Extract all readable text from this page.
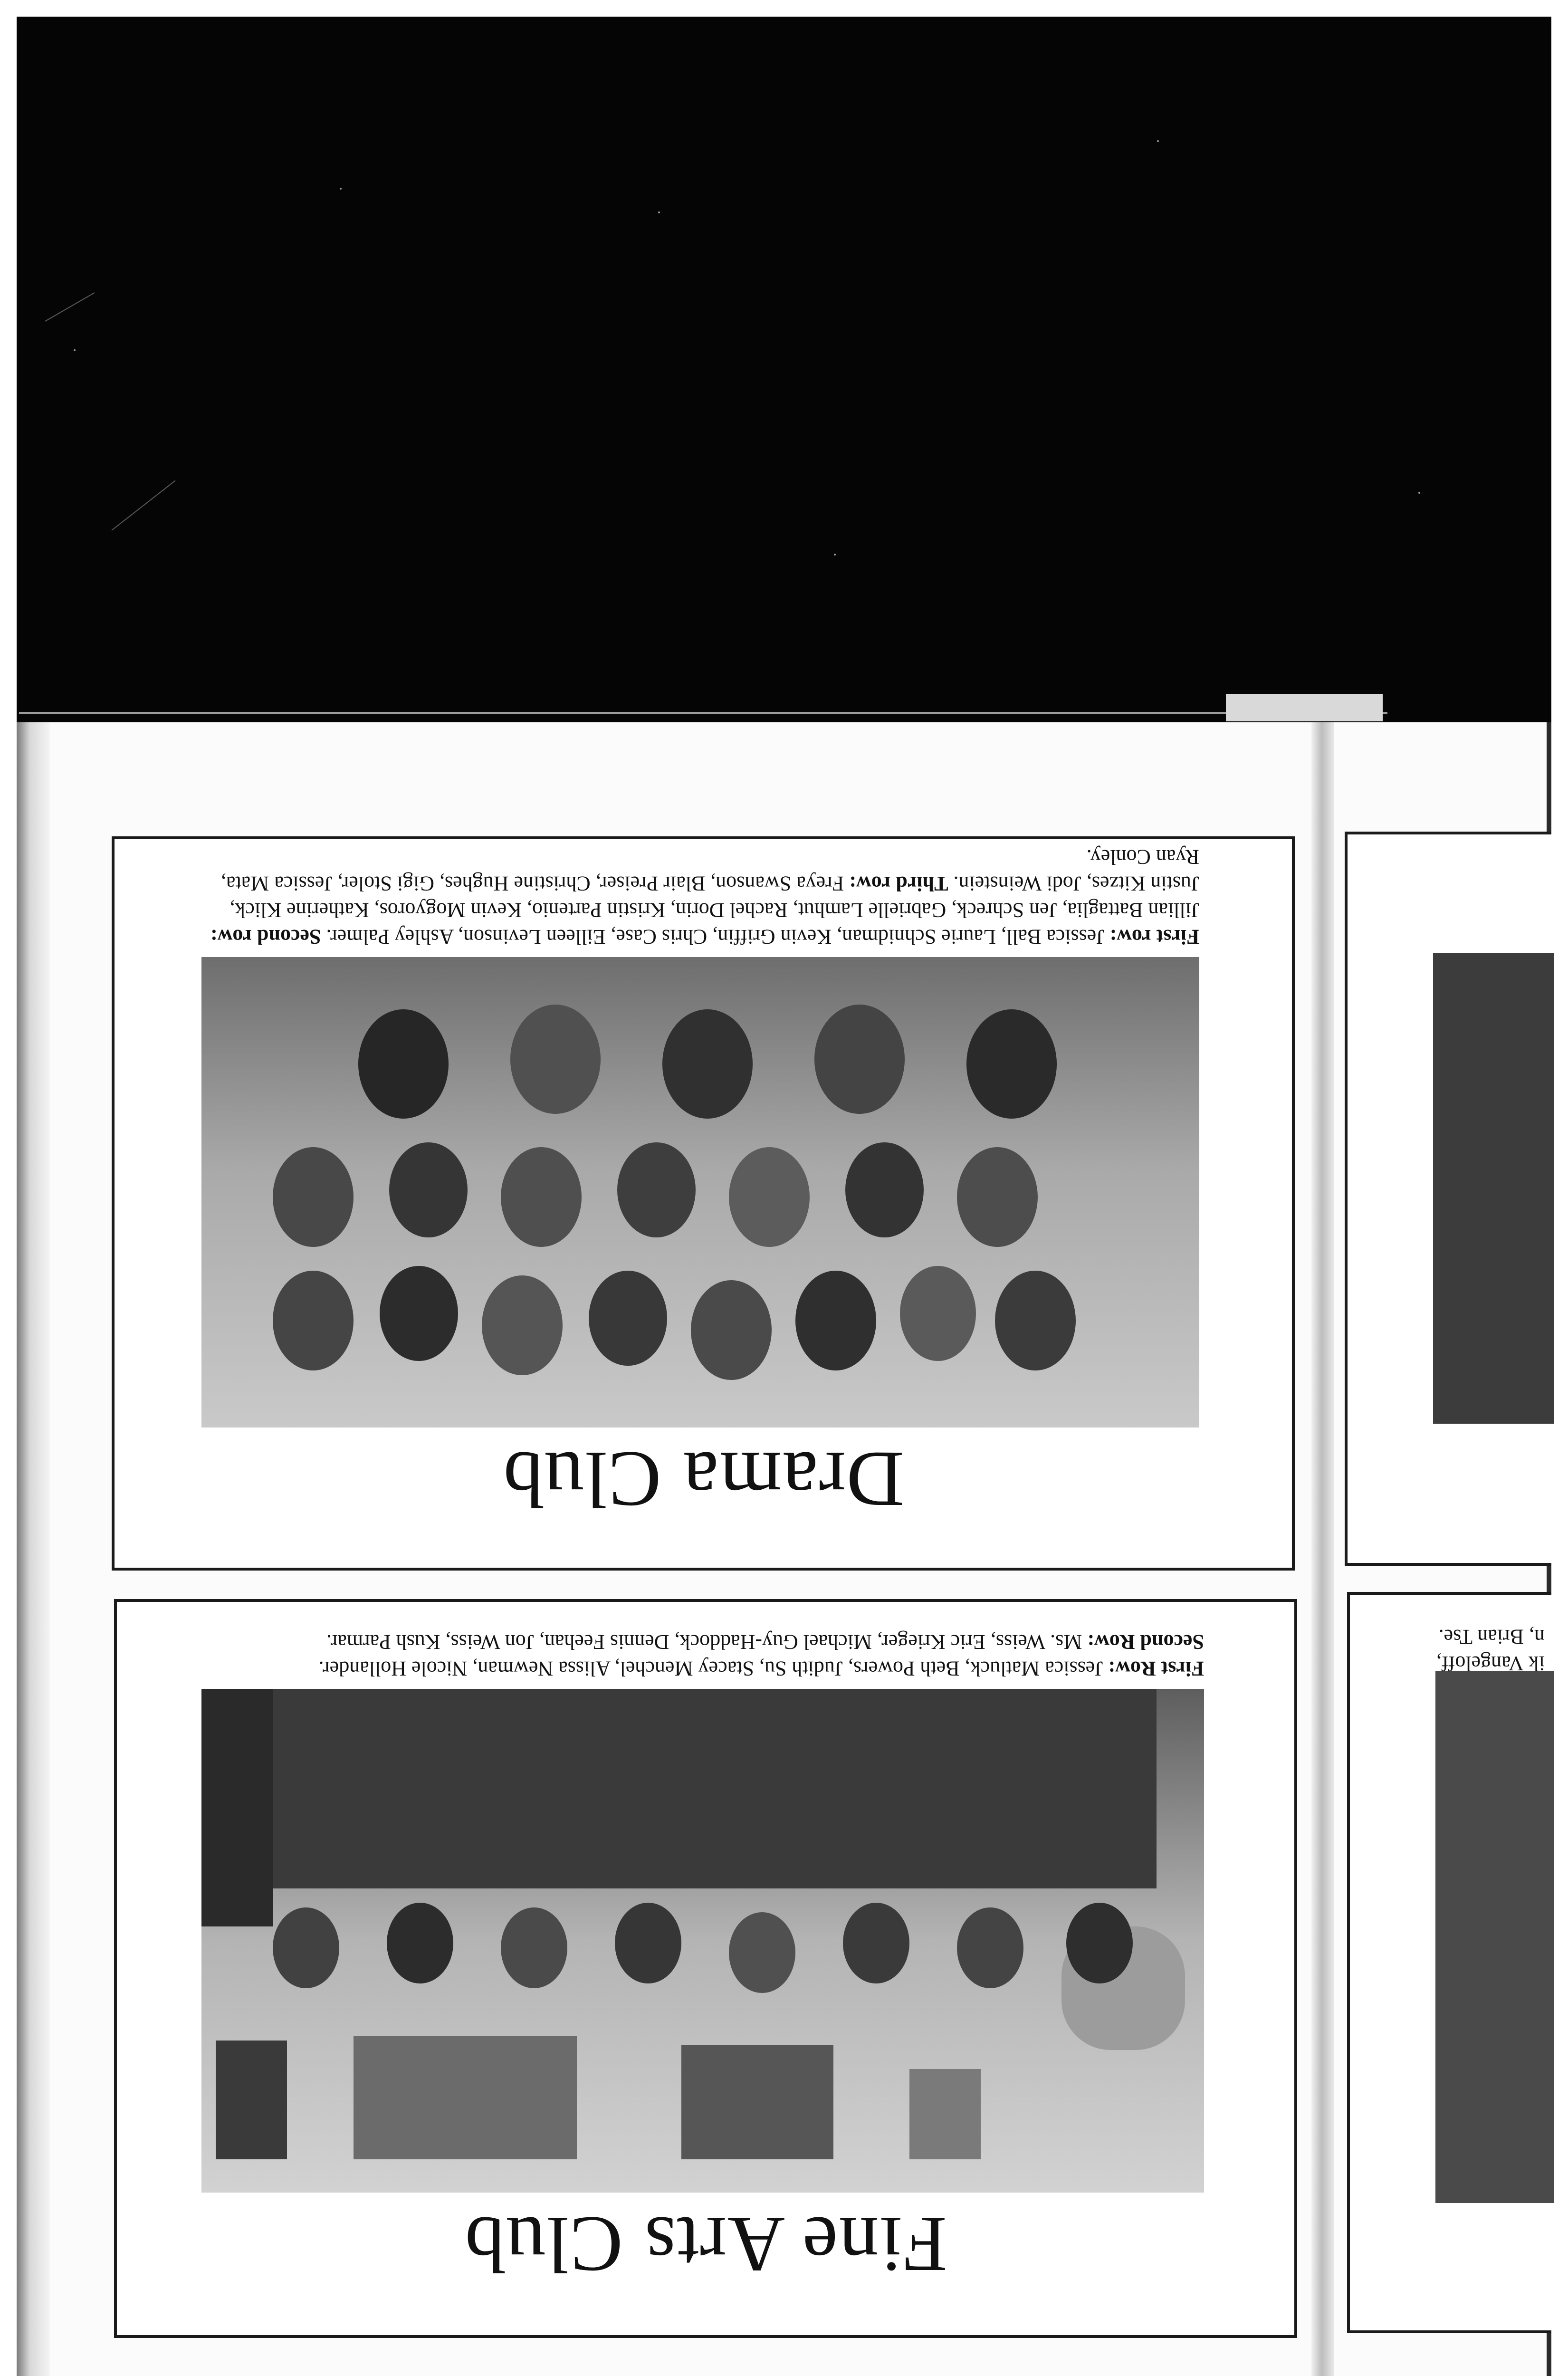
Drama Club
First row: Jessica Ball, Laurie Schnidman, Kevin Griffin, Chris Case, Eilleen Levinson, Ashley Palmer. Second row: Jillian Battaglia, Jen Schreck, Gabrielle Lamhut, Rachel Dorin, Kristin Partenio, Kevin Mogyoros, Katherine Klick, Justin Kitzes, Jodi Weinstein. Third row: Freya Swanson, Blair Preiser, Christine Hughes, Gigi Stoler, Jessica Mata, Ryan Conley.
Fine Arts Club
First Row: Jessica Matluck, Beth Powers, Judith Su, Stacey Menchel, Alissa Newman, Nicole Hollander.
Second Row: Ms. Weiss, Eric Krieger, Michael Guy-Haddock, Dennis Feehan, Jon Weiss, Kush Parmar.
ik Vangeloff,
n, Brian Tse.
